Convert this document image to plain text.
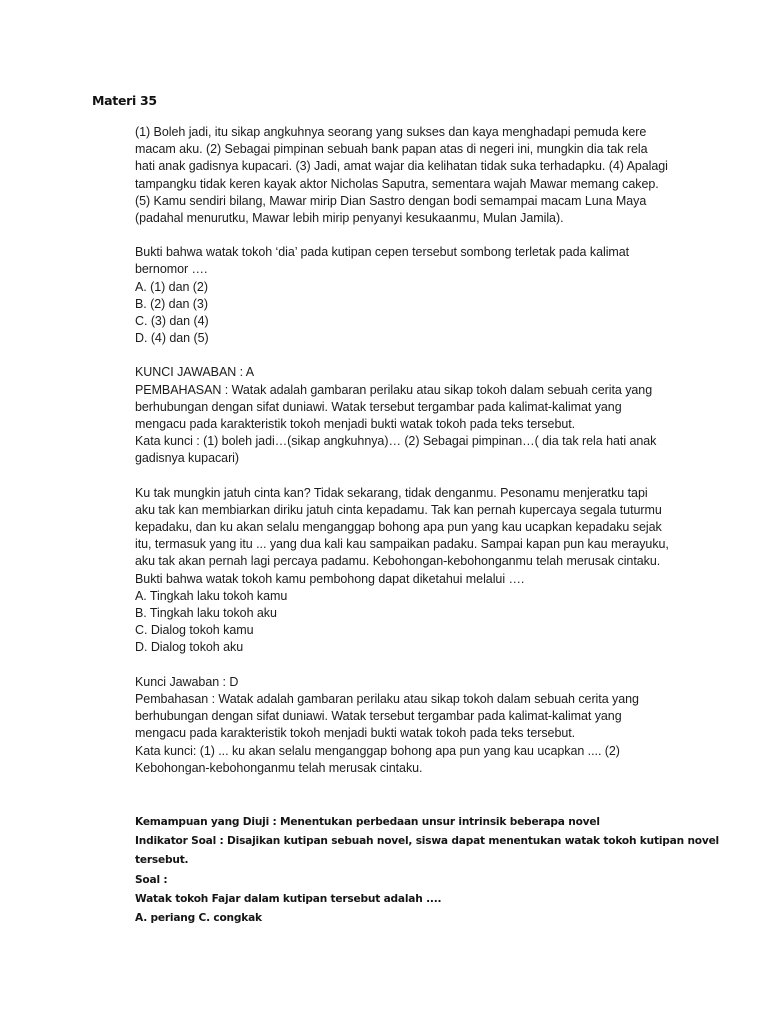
Materi 35
(1) Boleh jadi, itu sikap angkuhnya seorang yang sukses dan kaya menghadapi pemuda kere
macam aku. (2) Sebagai pimpinan sebuah bank papan atas di negeri ini, mungkin dia tak rela
hati anak gadisnya kupacari. (3) Jadi, amat wajar dia kelihatan tidak suka terhadapku. (4) Apalagi
tampangku tidak keren kayak aktor Nicholas Saputra, sementara wajah Mawar memang cakep.
(5) Kamu sendiri bilang, Mawar mirip Dian Sastro dengan bodi semampai macam Luna Maya
(padahal menurutku, Mawar lebih mirip penyanyi kesukaanmu, Mulan Jamila).
Bukti bahwa watak tokoh ‘dia’ pada kutipan cepen tersebut sombong terletak pada kalimat
bernomor ….
A. (1) dan (2)
B. (2) dan (3)
C. (3) dan (4)
D. (4) dan (5)
KUNCI JAWABAN : A
PEMBAHASAN : Watak adalah gambaran perilaku atau sikap tokoh dalam sebuah cerita yang
berhubungan dengan sifat duniawi. Watak tersebut tergambar pada kalimat-kalimat yang
mengacu pada karakteristik tokoh menjadi bukti watak tokoh pada teks tersebut.
Kata kunci : (1) boleh jadi…(sikap angkuhnya)… (2) Sebagai pimpinan…( dia tak rela hati anak
gadisnya kupacari)
Ku tak mungkin jatuh cinta kan? Tidak sekarang, tidak denganmu. Pesonamu menjeratku tapi
aku tak kan membiarkan diriku jatuh cinta kepadamu. Tak kan pernah kupercaya segala tuturmu
kepadaku, dan ku akan selalu menganggap bohong apa pun yang kau ucapkan kepadaku sejak
itu, termasuk yang itu ... yang dua kali kau sampaikan padaku. Sampai kapan pun kau merayuku,
aku tak akan pernah lagi percaya padamu. Kebohongan-kebohonganmu telah merusak cintaku.
Bukti bahwa watak tokoh kamu pembohong dapat diketahui melalui ….
A. Tingkah laku tokoh kamu
B. Tingkah laku tokoh aku
C. Dialog tokoh kamu
D. Dialog tokoh aku
Kunci Jawaban : D
Pembahasan : Watak adalah gambaran perilaku atau sikap tokoh dalam sebuah cerita yang
berhubungan dengan sifat duniawi. Watak tersebut tergambar pada kalimat-kalimat yang
mengacu pada karakteristik tokoh menjadi bukti watak tokoh pada teks tersebut.
Kata kunci: (1) ... ku akan selalu menganggap bohong apa pun yang kau ucapkan .... (2)
Kebohongan-kebohonganmu telah merusak cintaku.
Kemampuan yang Diuji : Menentukan perbedaan unsur intrinsik beberapa novel
Indikator Soal : Disajikan kutipan sebuah novel, siswa dapat menentukan watak tokoh kutipan novel
tersebut.
Soal :
Watak tokoh Fajar dalam kutipan tersebut adalah ....
A. periang C. congkak
